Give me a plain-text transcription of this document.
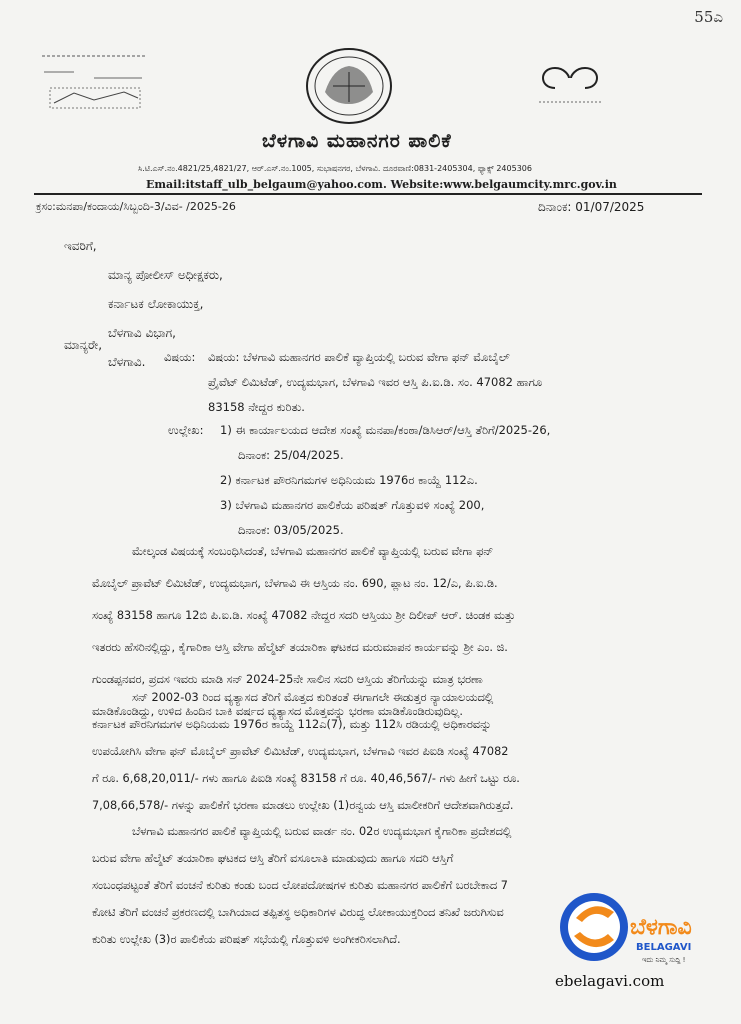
55ಎ
ಬೆಳಗಾವಿ ಮಹಾನಗರ ಪಾಲಿಕೆ
ಸಿ.ಟಿ.ಎಸ್.ನಂ.4821/25,4821/27, ಆರ್.ಎಸ್.ನಂ.1005, ಸುಭಾಷನಗರ, ಬೆಳಗಾವಿ. ದೂರವಾಣಿ:0831-2405304, ಫ್ಯಾಕ್ಸ್ 2405306
Email:itstaff_ulb_belgaum@yahoo.com. Website:www.belgaumcity.mrc.gov.in
ಕ್ರಸಂ:ಮನಪಾ/ಕಂದಾಯ/ಸಿಬ್ಬಂದಿ-3/ವಿವ- /2025-26	ದಿನಾಂಕ: 01/07/2025
ಇವರಿಗೆ,
ಮಾನ್ಯ ಪೋಲೀಸ್ ಅಧೀಕ್ಷಕರು,
ಕರ್ನಾಟಕ ಲೋಕಾಯುಕ್ತ,
ಬೆಳಗಾವಿ ವಿಭಾಗ,
ಬೆಳಗಾವಿ.
ಮಾನ್ಯರೇ,
ವಿಷಯ:	ವಿಷಯ: ಬೆಳಗಾವಿ ಮಹಾನಗರ ಪಾಲಿಕೆ ವ್ಯಾಪ್ತಿಯಲ್ಲಿ ಬರುವ ವೇಗಾ ಫನ್ ಮೊಬೈಲ್
ಪ್ರೈವೆಟ್ ಲಿಮಿಟೆಡ್, ಉದ್ಯಮಭಾಗ, ಬೆಳಗಾವಿ ಇವರ ಆಸ್ತಿ ಪಿ.ಐ.ಡಿ. ಸಂ. 47082 ಹಾಗೂ
83158 ನೇದ್ದರ ಕುರಿತು.
ಉಲ್ಲೇಖ:	1) ಈ ಕಾರ್ಯಾಲಯದ ಆದೇಶ ಸಂಖ್ಯೆ ಮನಪಾ/ಕಂಠಾ/ಡಿಸಿಆರ್/ಆಸ್ತಿ ತೆರಿಗೆ/2025-26,
ದಿನಾಂಕ: 25/04/2025.
2) ಕರ್ನಾಟಕ ಪೌರನಿಗಮಗಳ ಅಧಿನಿಯಮ 1976ರ ಕಾಯ್ದೆ 112ಎ.
3) ಬೆಳಗಾವಿ ಮಹಾನಗರ ಪಾಲಿಕೆಯ ಪರಿಷತ್ ಗೊತ್ತುವಳಿ ಸಂಖ್ಯೆ 200,
ದಿನಾಂಕ: 03/05/2025.
ಮೇಲ್ಕಂಡ ವಿಷಯಕ್ಕೆ ಸಂಬಂಧಿಸಿದಂತೆ, ಬೆಳಗಾವಿ ಮಹಾನಗರ ಪಾಲಿಕೆ ವ್ಯಾಪ್ತಿಯಲ್ಲಿ ಬರುವ ವೇಗಾ ಫನ್
ಮೊಬೈಲ್ ಪ್ರಾವೆಟ್ ಲಿಮಿಟೆಡ್, ಉದ್ಯಮಭಾಗ, ಬೆಳಗಾವಿ ಈ ಆಸ್ತಿಯ ನಂ. 690, ಪ್ಲಾಟ ನಂ. 12/ಎ, ಪಿ.ಐ.ಡಿ.
ಸಂಖ್ಯೆ 83158 ಹಾಗೂ 12ಬಿ ಪಿ.ಐ.ಡಿ. ಸಂಖ್ಯೆ 47082 ನೇದ್ದರ ಸದರಿ ಆಸ್ತಿಯು ಶ್ರೀ ದಿಲೀಪ್ ಆರ್. ಚಿಂಡಕ ಮತ್ತು
ಇತರರು ಹೆಸರಿನಲ್ಲಿದ್ದು, ಕೈಗಾರಿಕಾ ಆಸ್ತಿ ವೇಗಾ ಹೆಲ್ಮೆಟ್ ತಯಾರಿಕಾ ಘಟಕದ ಮರುಮಾಪನ ಕಾರ್ಯವನ್ನು ಶ್ರೀ ಎಂ. ಜಿ.
ಗುಂಡಪ್ಪನವರ, ಪ್ರದಸ ಇವರು ಮಾಡಿ ಸನ್ 2024-25ನೇ ಸಾಲಿನ ಸದರಿ ಆಸ್ತಿಯ ತೆರಿಗೆಯನ್ನು ಮಾತ್ರ ಭರಣಾ
ಮಾಡಿಕೊಂಡಿದ್ದು, ಉಳಿದ ಹಿಂದಿನ ಬಾಕಿ ವರ್ಷದ ವ್ಯತ್ಯಾಸದ ಮೊತ್ತವನ್ನು ಭರಣಾ ಮಾಡಿಕೊಂಡಿರುವುದಿಲ್ಲ.
ಸನ್ 2002-03 ರಿಂದ ವ್ಯತ್ಯಾಸದ ತೆರಿಗೆ ಮೊತ್ತದ ಕುರಿತಂತೆ ಈಗಾಗಲೇ ಈಡುತ್ತರ ನ್ಯಾಯಾಲಯದಲ್ಲಿ
ಕರ್ನಾಟಕ ಪೌರನಿಗಮಗಳ ಅಧಿನಿಯಮ 1976ರ ಕಾಯ್ದೆ 112ಎ(7), ಮತ್ತು 112ಸಿ ರಡಿಯಲ್ಲಿ ಅಧಿಕಾರವನ್ನು
ಉಪಯೋಗಿಸಿ ವೇಗಾ ಫನ್ ಮೊಬೈಲ್ ಪ್ರಾವೆಟ್ ಲಿಮಿಟೆಡ್, ಉದ್ಯಮಭಾಗ, ಬೆಳಗಾವಿ ಇವರ ಪಿಐಡಿ ಸಂಖ್ಯೆ 47082
ಗೆ ರೂ. 6,68,20,011/- ಗಳು ಹಾಗೂ ಪಿಐಡಿ ಸಂಖ್ಯೆ 83158 ಗೆ ರೂ. 40,46,567/- ಗಳು ಹೀಗೆ ಒಟ್ಟು ರೂ.
7,08,66,578/- ಗಳನ್ನು ಪಾಲಿಕೆಗೆ ಭರಣಾ ಮಾಡಲು ಉಲ್ಲೇಖ (1)ರನ್ವಯ ಆಸ್ತಿ ಮಾಲೀಕರಿಗೆ ಆದೇಶವಾಗಿರುತ್ತದೆ.
ಬೆಳಗಾವಿ ಮಹಾನಗರ ಪಾಲಿಕೆ ವ್ಯಾಪ್ತಿಯಲ್ಲಿ ಬರುವ ವಾರ್ಡ ನಂ. 02ರ ಉದ್ಯಮಭಾಗ ಕೈಗಾರಿಕಾ ಪ್ರದೇಶದಲ್ಲಿ
ಬರುವ ವೇಗಾ ಹೆಲ್ಮೆಟ್ ತಯಾರಿಕಾ ಘಟಕದ ಆಸ್ತಿ ತೆರಿಗೆ ವಸೂಲಾತಿ ಮಾಡುವುದು ಹಾಗೂ ಸದರಿ ಆಸ್ತಿಗೆ
ಸಂಬಂಧಪಟ್ಟಂತೆ ತೆರಿಗೆ ವಂಚನೆ ಕುರಿತು ಕಂಡು ಬಂದ ಲೋಪದೋಷಗಳ ಕುರಿತು ಮಹಾನಗರ ಪಾಲಿಕೆಗೆ ಬರಬೇಕಾದ 7
ಕೋಟಿ ತೆರಿಗೆ ವಂಚನೆ ಪ್ರಕರಣದಲ್ಲಿ ಬಾಗಿಯಾದ ತಪ್ಪಿತಸ್ಥ ಅಧಿಕಾರಿಗಳ ವಿರುದ್ಧ ಲೋಕಾಯುಕ್ತರಿಂದ ತನಿಖೆ ಜರುಗಿಸುವ
ಕುರಿತು ಉಲ್ಲೇಖ (3)ರ ಪಾಲಿಕೆಯ ಪರಿಷತ್ ಸಭೆಯಲ್ಲಿ ಗೊತ್ತುವಳಿ ಅಂಗೀಕರಿಸಲಾಗಿದೆ.	ಬೆಳಗಾವಿ
BELAGAVI
ಇದು ನಿಮ್ಮ ಸುದ್ದಿ !
ebelagavi.com
